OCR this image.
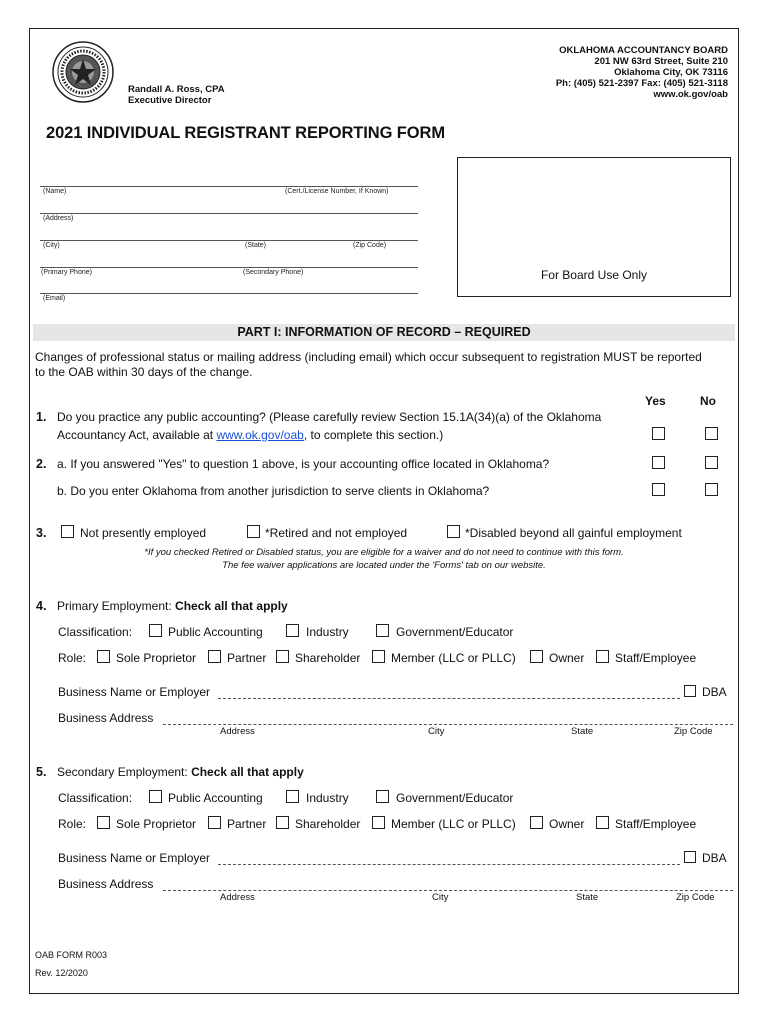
Randall A. Ross, CPA
Executive Director
OKLAHOMA ACCOUNTANCY BOARD
201 NW 63rd Street, Suite 210
Oklahoma City, OK 73116
Ph: (405) 521-2397 Fax: (405) 521-3118
www.ok.gov/oab
2021 INDIVIDUAL REGISTRANT REPORTING FORM
(Name)	(Cert./License Number, If Known)
(Address)
(City)	(State)	(Zip Code)
(Primary Phone)	(Secondary Phone)
(Email)
For Board Use Only
PART I: INFORMATION OF RECORD – REQUIRED
Changes of professional status or mailing address (including email) which occur subsequent to registration MUST be reported
to the OAB within 30 days of the change.
Yes	No
1. Do you practice any public accounting? (Please carefully review Section 15.1A(34)(a) of the Oklahoma
Accountancy Act, available at www.ok.gov/oab, to complete this section.)
2. a. If you answered "Yes" to question 1 above, is your accounting office located in Oklahoma?
b. Do you enter Oklahoma from another jurisdiction to serve clients in Oklahoma?
3.	Not presently employed	*Retired and not employed	*Disabled beyond all gainful employment
*If you checked Retired or Disabled status, you are eligible for a waiver and do not need to continue with this form.
The fee waiver applications are located under the 'Forms' tab on our website.
4. Primary Employment: Check all that apply
Classification:	Public Accounting	Industry	Government/Educator
Role: Sole Proprietor	Partner Shareholder	Member (LLC or PLLC)	Owner	Staff/Employee
Business Name or Employer	DBA
Business Address
Address	City	State	Zip Code
5. Secondary Employment: Check all that apply
Classification:	Public Accounting	Industry	Government/Educator
Role: Sole Proprietor	Partner Shareholder	Member (LLC or PLLC)	Owner	Staff/Employee
Business Name or Employer	DBA
Business Address
Address	City	State	Zip Code
OAB FORM R003
Rev. 12/2020
